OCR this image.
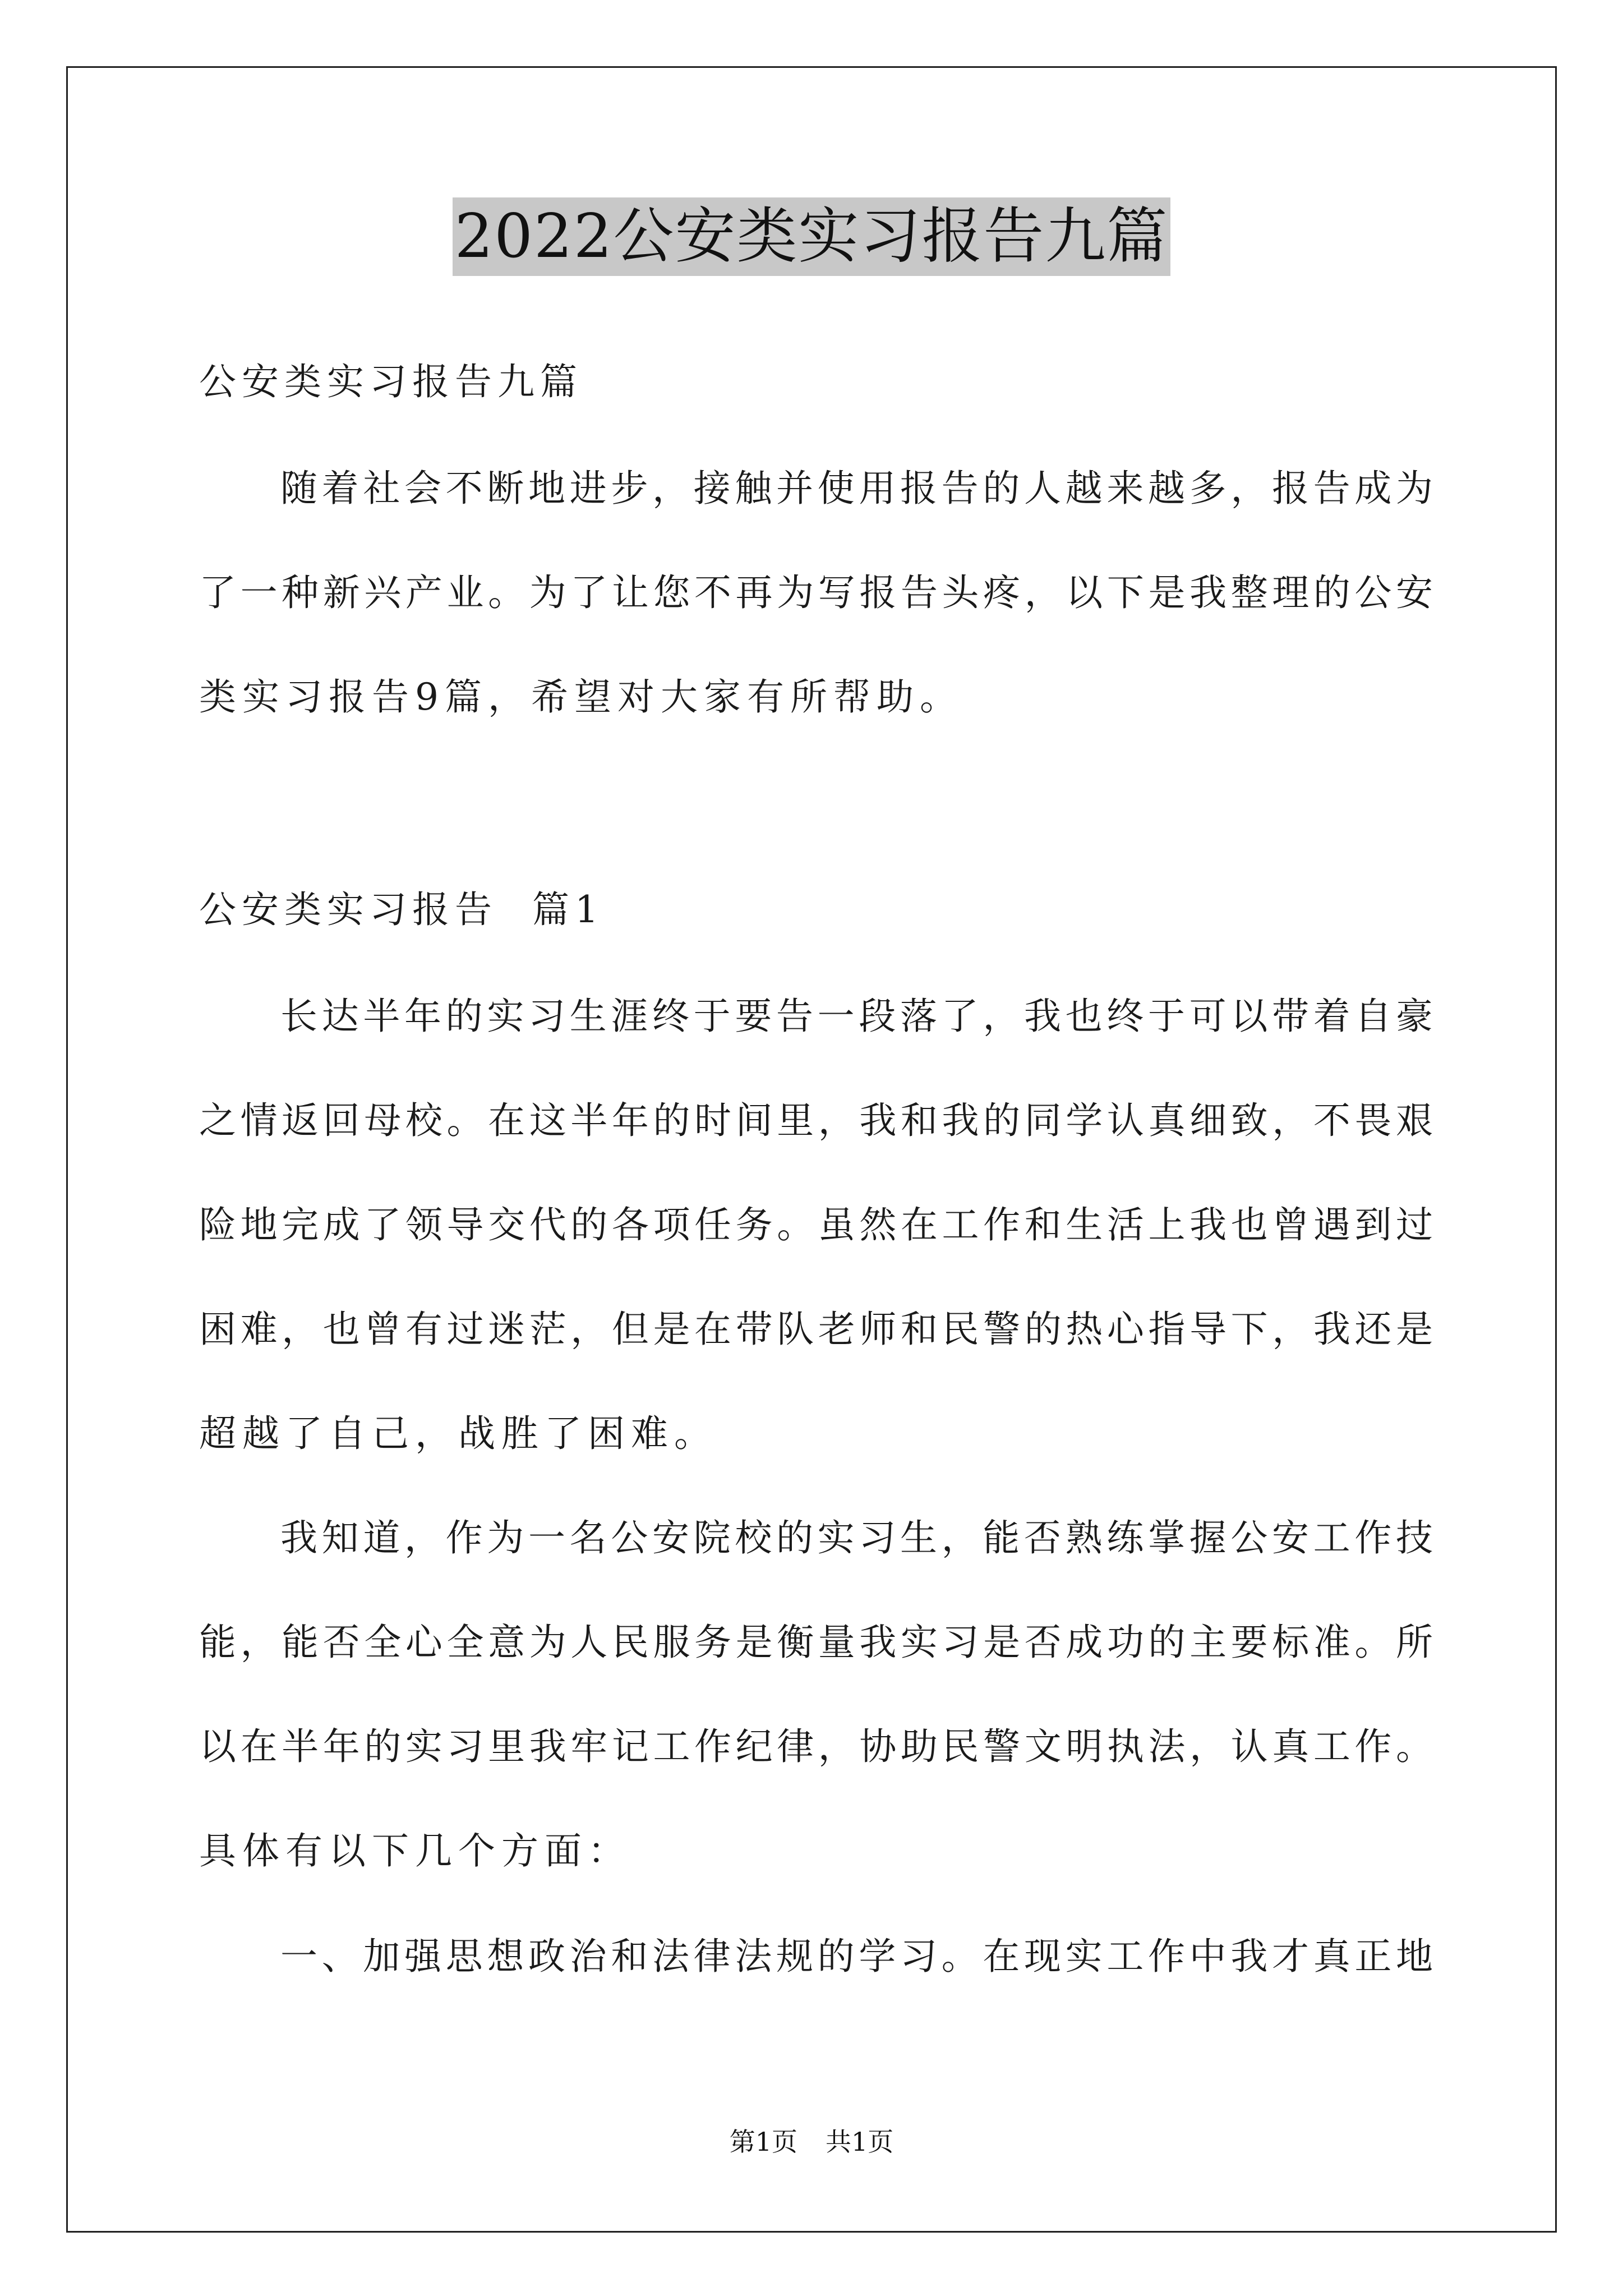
2022公安类实习报告九篇
公安类实习报告九篇
随着社会不断地进步，接触并使用报告的人越来越多，报告成为
了一种新兴产业。为了让您不再为写报告头疼，以下是我整理的公安
类实习报告9篇，希望对大家有所帮助。
公安类实习报告  篇1
长达半年的实习生涯终于要告一段落了，我也终于可以带着自豪
之情返回母校。在这半年的时间里，我和我的同学认真细致，不畏艰
险地完成了领导交代的各项任务。虽然在工作和生活上我也曾遇到过
困难，也曾有过迷茫，但是在带队老师和民警的热心指导下，我还是
超越了自己，战胜了困难。
我知道，作为一名公安院校的实习生，能否熟练掌握公安工作技
能，能否全心全意为人民服务是衡量我实习是否成功的主要标准。所
以在半年的实习里我牢记工作纪律，协助民警文明执法，认真工作。
具体有以下几个方面：
一、加强思想政治和法律法规的学习。在现实工作中我才真正地
第1页 共1页
